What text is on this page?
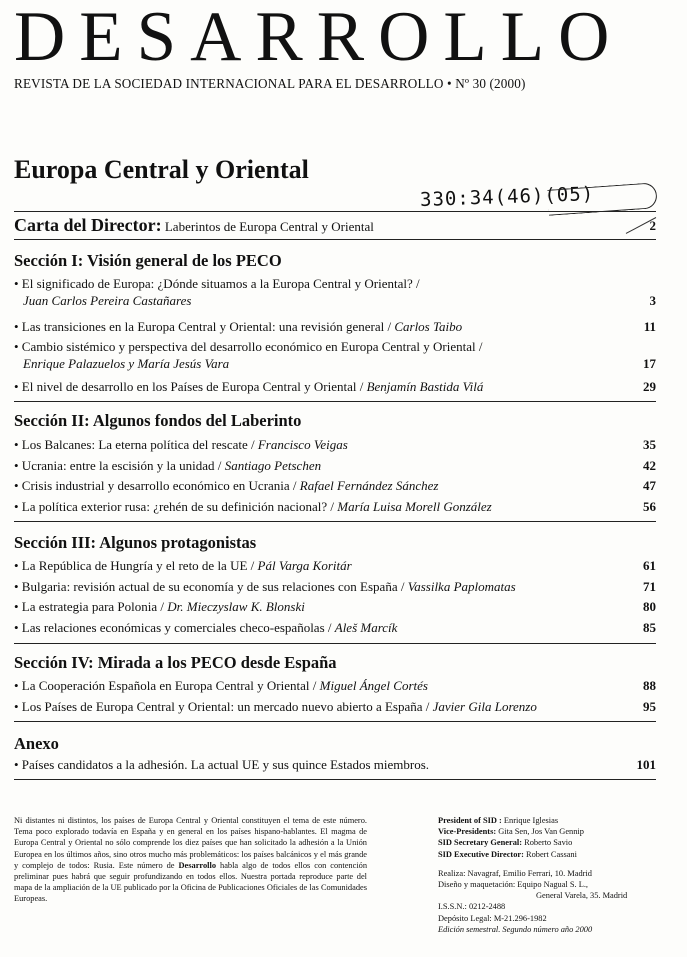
DESARROLLO
REVISTA DE LA SOCIEDAD INTERNACIONAL PARA EL DESARROLLO • Nº 30 (2000)
Europa Central y Oriental
330:34(46)(05)
Carta del Director: Laberintos de Europa Central y Oriental	2
Sección I: Visión general de los PECO
• El significado de Europa: ¿Dónde situamos a la Europa Central y Oriental? /
Juan Carlos Pereira Castañares	3
• Las transiciones en la Europa Central y Oriental: una revisión general / Carlos Taibo	11
• Cambio sistémico y perspectiva del desarrollo económico en Europa Central y Oriental /
Enrique Palazuelos y María Jesús Vara	17
• El nivel de desarrollo en los Países de Europa Central y Oriental / Benjamín Bastida Vilá	29
Sección II: Algunos fondos del Laberinto
• Los Balcanes: La eterna política del rescate / Francisco Veigas	35
• Ucrania: entre la escisión y la unidad / Santiago Petschen	42
• Crisis industrial y desarrollo económico en Ucrania / Rafael Fernández Sánchez	47
• La política exterior rusa: ¿rehén de su definición nacional? / María Luisa Morell González	56
Sección III: Algunos protagonistas
• La República de Hungría y el reto de la UE / Pál Varga Koritár	61
• Bulgaria: revisión actual de su economía y de sus relaciones con España / Vassilka Paplomatas	71
• La estrategia para Polonia / Dr. Mieczyslaw K. Blonski	80
• Las relaciones económicas y comerciales checo-españolas / Aleš Marcík	85
Sección IV: Mirada a los PECO desde España
• La Cooperación Española en Europa Central y Oriental / Miguel Ángel Cortés	88
• Los Países de Europa Central y Oriental: un mercado nuevo abierto a España / Javier Gila Lorenzo	95
Anexo
• Países candidatos a la adhesión. La actual UE y sus quince Estados miembros.	101
Ni distantes ni distintos, los países de Europa Central y Oriental constituyen el tema de este número. Tema poco explorado todavía en España y en general en los países hispano-hablantes. El magma de Europa Central y Oriental no sólo comprende los diez países que han solicitado la adhesión a la Unión Europea en los últimos años, sino otros mucho más problemáticos: los países balcánicos y el más grande y complejo de todos: Rusia. Este número de Desarrollo habla algo de todos ellos con contención preliminar pues habrá que seguir profundizando en todos ellos. Nuestra portada reproduce parte del mapa de la ampliación de la UE publicado por la Oficina de Publicaciones Oficiales de las Comunidades Europeas.
President of SID : Enrique Iglesias
Vice-Presidents: Gita Sen, Jos Van Gennip
SID Secretary General: Roberto Savio
SID Executive Director: Robert Cassani
Realiza: Navagraf, Emilio Ferrari, 10. Madrid
Diseño y maquetación: Equipo Nagual S. L.,
General Varela, 35. Madrid
I.S.S.N.: 0212-2488
Depósito Legal: M-21.296-1982
Edición semestral. Segundo número año 2000
